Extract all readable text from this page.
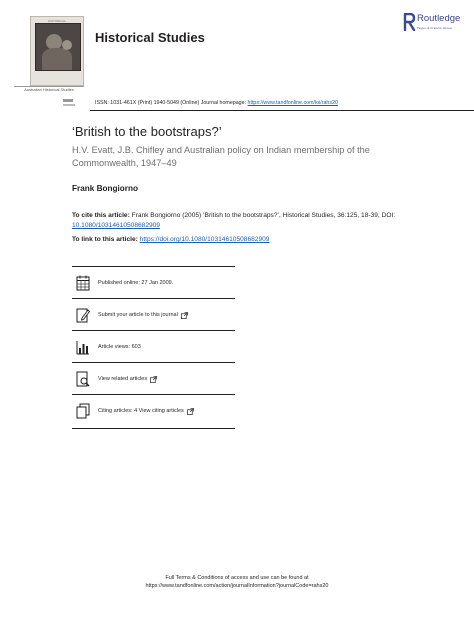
HISTORICAL
Australian Historical Studies
Historical Studies
Routledge
Taylor & Francis Group
ISSN: 1031-461X (Print) 1940-5049 (Online) Journal homepage: https://www.tandfonline.com/loi/rahs20
‘British to the bootstraps?’
H.V. Evatt, J.B. Chifley and Australian policy on Indian membership of the Commonwealth, 1947–49
Frank Bongiorno
To cite this article: Frank Bongiorno (2005) ‘British to the bootstraps?’, Historical Studies, 36:125, 18-39, DOI: 10.1080/10314610508682909
To link to this article: https://doi.org/10.1080/10314610508682909
Published online: 27 Jan 2009.
Submit your article to this journal
Article views: 603
View related articles
Citing articles: 4 View citing articles
Full Terms & Conditions of access and use can be found at
https://www.tandfonline.com/action/journalInformation?journalCode=rahs20
